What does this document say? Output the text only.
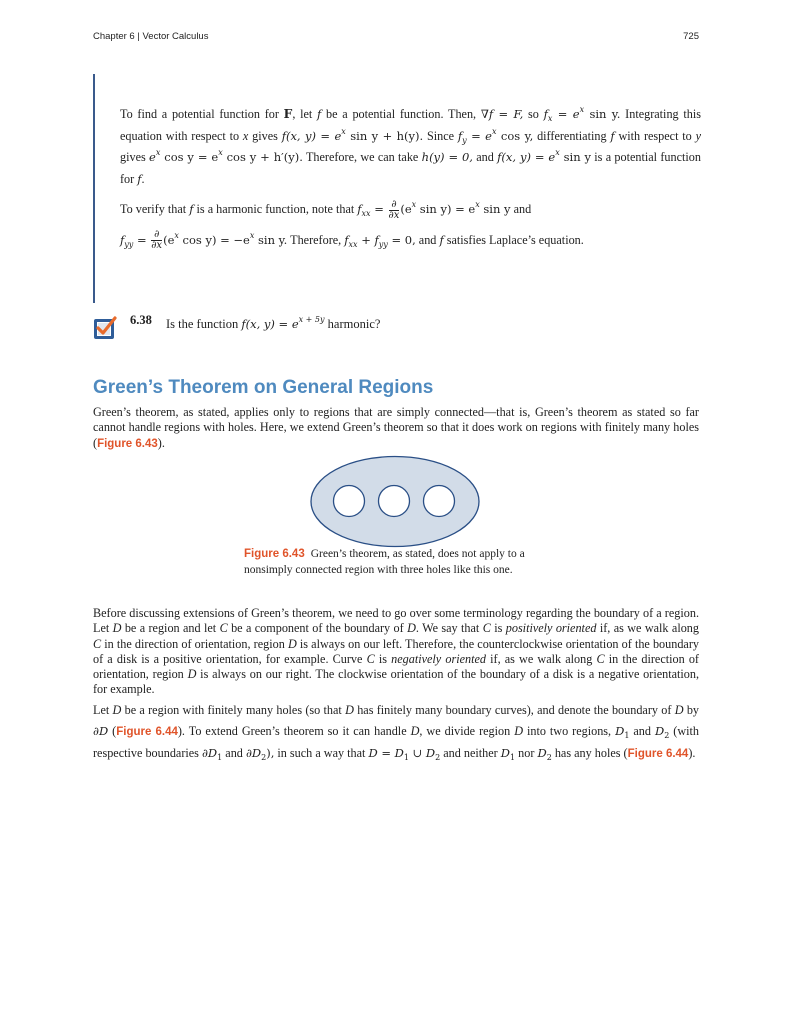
Chapter 6 | Vector Calculus	725

To find a potential function for F, let f be a potential function. Then, ∇f = F, so $f_x = e^x$ sin y. Integrating this equation with respect to x gives f(x, $y) = e^x$ sin y + h(y). Since $f_y = e^x$ cos y, differentiating f with respect to y gives $e^x$ $\cos y = e^x$ cos y + h′(y). Therefore, we can take h(y) = 0, and f(x, $y) = e^x$ sin y is a potential function for f.

To verify that f is a harmonic function, note that $f_{xx} = \frac{\partial}{\partial x} (e^x$ $\sin y) = e^x$ sin y and

$f_{yy} = \frac{\partial}{\partial x} (e^x$ $\cos y) = -e^x$ sin y. Therefore, $f_{xx} + f_{yy} = 0$, and f satisfies Laplace’s equation.

6.38 Is the function f(x, $y) = e^{x + 5y}$ harmonic?
Green’s Theorem on General Regions

Green’s theorem, as stated, applies only to regions that are simply connected—that is, Green’s theorem as stated so far cannot handle regions with holes. Here, we extend Green’s theorem so that it does work on regions with finitely many holes (Figure 6.43).

Figure 6.43 Green’s theorem, as stated, does not apply to a nonsimply connected region with three holes like this one.

Before discussing extensions of Green’s theorem, we need to go over some terminology regarding the boundary of a region. Let D be a region and let C be a component of the boundary of D. We say that C is positively oriented if, as we walk along C in the direction of orientation, region D is always on our left. Therefore, the counterclockwise orientation of the boundary of a disk is a positive orientation, for example. Curve C is negatively oriented if, as we walk along C in the direction of orientation, region D is always on our right. The clockwise orientation of the boundary of a disk is a negative orientation, for example.

Let D be a region with finitely many holes (so that D has finitely many boundary curves), and denote the boundary of D by ∂D (Figure 6.44). To extend Green’s theorem so it can handle D, we divide region D into two regions, $D_1$ and $D_2$ (with respective boundaries $\partial D_1$ and $\partial D_2$), in such a way that $D = D_1$ ∪ $D_2$ and neither $D_1$ nor $D_2$ has any holes (Figure 6.44).
